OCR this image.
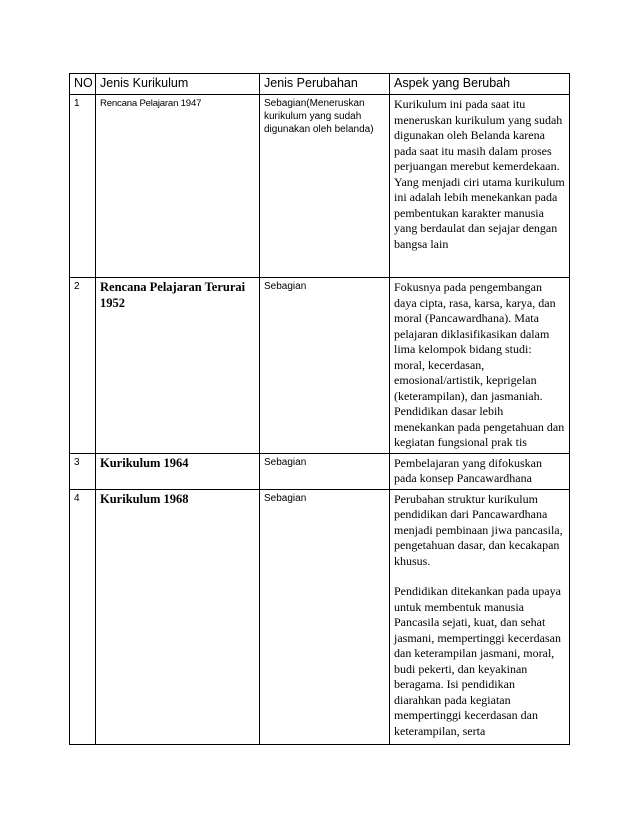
NO	Jenis Kurikulum	Jenis Perubahan	Aspek yang Berubah
1	Rencana Pelajaran 1947	Sebagian(Meneruskan kurikulum yang sudah digunakan oleh belanda)	Kurikulum ini pada saat itu meneruskan kurikulum yang sudah digunakan oleh Belanda karena pada saat itu masih dalam proses perjuangan merebut kemerdekaan. Yang menjadi ciri utama kurikulum ini adalah lebih menekankan pada pembentukan karakter manusia yang berdaulat dan sejajar dengan bangsa lain

2	Rencana Pelajaran Terurai 1952	Sebagian	Fokusnya pada pengembangan daya cipta, rasa, karsa, karya, dan moral (Pancawardhana). Mata pelajaran diklasifikasikan dalam lima kelompok bidang studi: moral, kecerdasan, emosional/artistik, keprigelan (keterampilan), dan jasmaniah. Pendidikan dasar lebih menekankan pada pengetahuan dan kegiatan fungsional prak tis

3	Kurikulum 1964	Sebagian	Pembelajaran yang difokuskan pada konsep Pancawardhana

4	Kurikulum 1968	Sebagian	Perubahan struktur kurikulum pendidikan dari Pancawardhana menjadi pembinaan jiwa pancasila, pengetahuan dasar, dan kecakapan khusus.
Pendidikan ditekankan pada upaya untuk membentuk manusia Pancasila sejati, kuat, dan sehat jasmani, mempertinggi kecerdasan dan keterampilan jasmani, moral, budi pekerti, dan keyakinan beragama. Isi pendidikan diarahkan pada kegiatan mempertinggi kecerdasan dan keterampilan, serta
